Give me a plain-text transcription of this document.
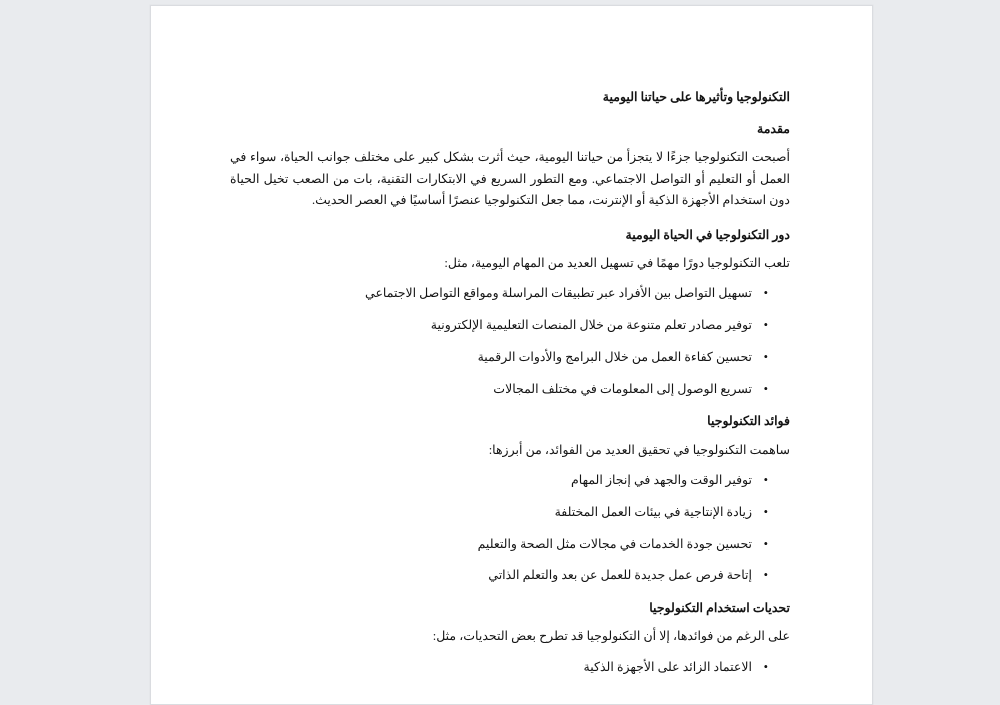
التكنولوجيا وتأثيرها على حياتنا اليومية
مقدمة

أصبحت التكنولوجيا جزءًا لا يتجزأ من حياتنا اليومية، حيث أثرت بشكل كبير على مختلف جوانب الحياة، سواء في العمل أو التعليم أو التواصل الاجتماعي. ومع التطور السريع في الابتكارات التقنية، بات من الصعب تخيل الحياة دون استخدام الأجهزة الذكية أو الإنترنت، مما جعل التكنولوجيا عنصرًا أساسيًا في العصر الحديث.

دور التكنولوجيا في الحياة اليومية

تلعب التكنولوجيا دورًا مهمًا في تسهيل العديد من المهام اليومية، مثل:

•
تسهيل التواصل بين الأفراد عبر تطبيقات المراسلة ومواقع التواصل الاجتماعي
•
توفير مصادر تعلم متنوعة من خلال المنصات التعليمية الإلكترونية
•
تحسين كفاءة العمل من خلال البرامج والأدوات الرقمية
•
تسريع الوصول إلى المعلومات في مختلف المجالات
فوائد التكنولوجيا

ساهمت التكنولوجيا في تحقيق العديد من الفوائد، من أبرزها:

•
توفير الوقت والجهد في إنجاز المهام
•
زيادة الإنتاجية في بيئات العمل المختلفة
•
تحسين جودة الخدمات في مجالات مثل الصحة والتعليم
•
إتاحة فرص عمل جديدة للعمل عن بعد والتعلم الذاتي
تحديات استخدام التكنولوجيا

على الرغم من فوائدها، إلا أن التكنولوجيا قد تطرح بعض التحديات، مثل:

•
الاعتماد الزائد على الأجهزة الذكية
